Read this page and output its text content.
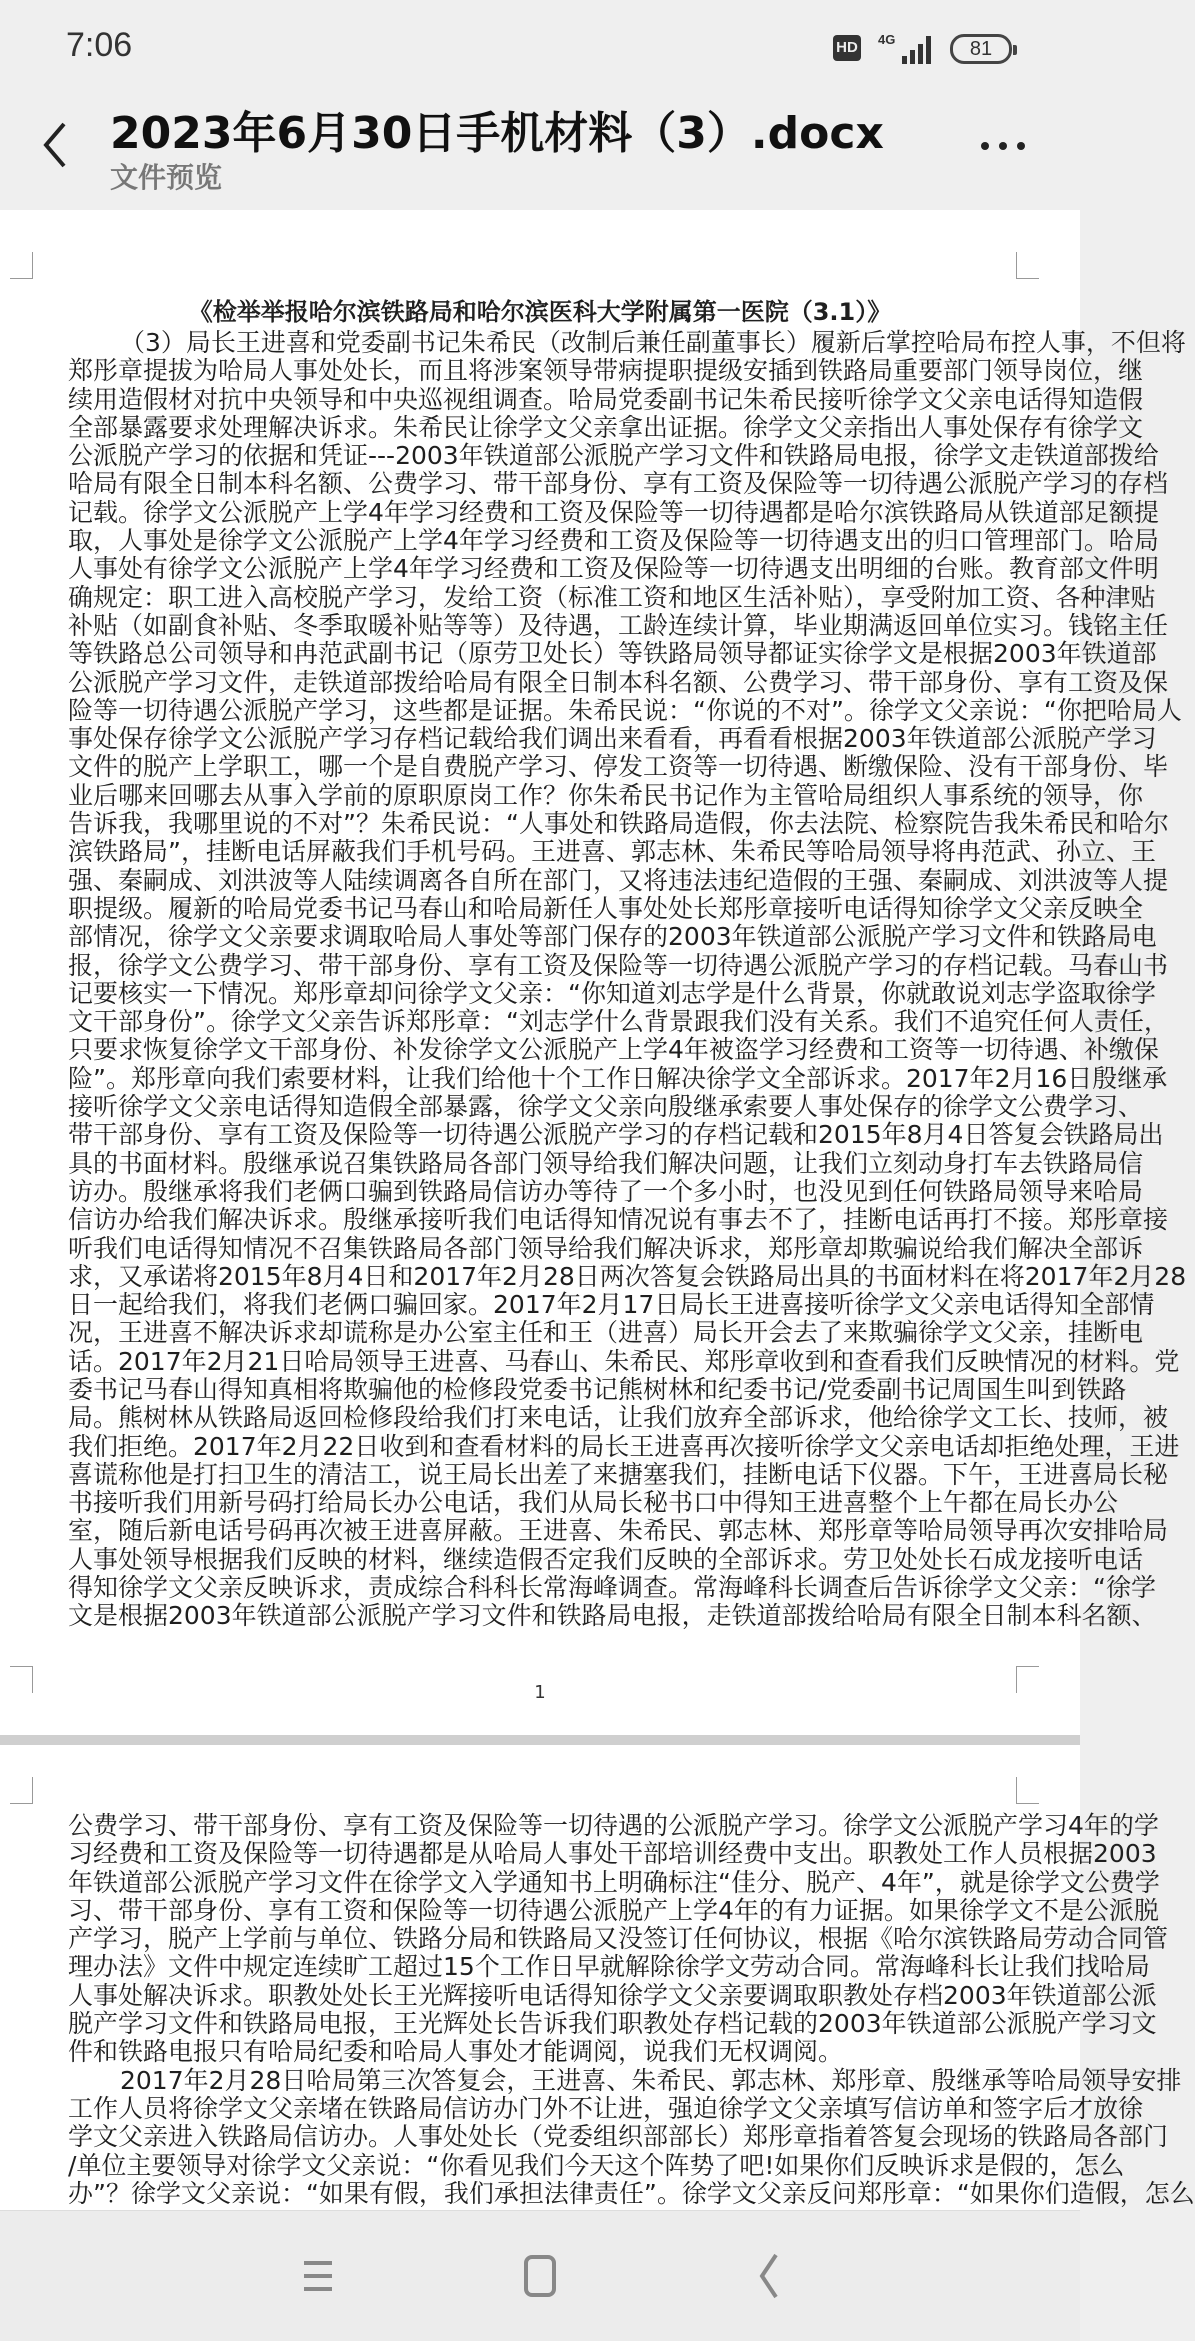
7:06	HD 4G	81
2023年6月30日手机材料（3）.docx
文件预览
《检举举报哈尔滨铁路局和哈尔滨医科大学附属第一医院（3.1）》
（3）局长王进喜和党委副书记朱希民（改制后兼任副董事长）履新后掌控哈局布控人事，不但将
郑彤章提拔为哈局人事处处长，而且将涉案领导带病提职提级安插到铁路局重要部门领导岗位，继
续用造假材对抗中央领导和中央巡视组调查。哈局党委副书记朱希民接听徐学文父亲电话得知造假
全部暴露要求处理解决诉求。朱希民让徐学文父亲拿出证据。徐学文父亲指出人事处保存有徐学文
公派脱产学习的依据和凭证---2003年铁道部公派脱产学习文件和铁路局电报，徐学文走铁道部拨给
哈局有限全日制本科名额、公费学习、带干部身份、享有工资及保险等一切待遇公派脱产学习的存档
记载。徐学文公派脱产上学4年学习经费和工资及保险等一切待遇都是哈尔滨铁路局从铁道部足额提
取，人事处是徐学文公派脱产上学4年学习经费和工资及保险等一切待遇支出的归口管理部门。哈局
人事处有徐学文公派脱产上学4年学习经费和工资及保险等一切待遇支出明细的台账。教育部文件明
确规定：职工进入高校脱产学习，发给工资（标准工资和地区生活补贴），享受附加工资、各种津贴
补贴（如副食补贴、冬季取暖补贴等等）及待遇，工龄连续计算，毕业期满返回单位实习。钱铭主任
等铁路总公司领导和冉范武副书记（原劳卫处长）等铁路局领导都证实徐学文是根据2003年铁道部
公派脱产学习文件，走铁道部拨给哈局有限全日制本科名额、公费学习、带干部身份、享有工资及保
险等一切待遇公派脱产学习，这些都是证据。朱希民说：“你说的不对”。徐学文父亲说：“你把哈局人
事处保存徐学文公派脱产学习存档记载给我们调出来看看，再看看根据2003年铁道部公派脱产学习
文件的脱产上学职工，哪一个是自费脱产学习、停发工资等一切待遇、断缴保险、没有干部身份、毕
业后哪来回哪去从事入学前的原职原岗工作？你朱希民书记作为主管哈局组织人事系统的领导，你
告诉我，我哪里说的不对”？朱希民说：“人事处和铁路局造假，你去法院、检察院告我朱希民和哈尔
滨铁路局”，挂断电话屏蔽我们手机号码。王进喜、郭志林、朱希民等哈局领导将冉范武、孙立、王
强、秦嗣成、刘洪波等人陆续调离各自所在部门，又将违法违纪造假的王强、秦嗣成、刘洪波等人提
职提级。履新的哈局党委书记马春山和哈局新任人事处处长郑彤章接听电话得知徐学文父亲反映全
部情况，徐学文父亲要求调取哈局人事处等部门保存的2003年铁道部公派脱产学习文件和铁路局电
报，徐学文公费学习、带干部身份、享有工资及保险等一切待遇公派脱产学习的存档记载。马春山书
记要核实一下情况。郑彤章却问徐学文父亲：“你知道刘志学是什么背景，你就敢说刘志学盗取徐学
文干部身份”。徐学文父亲告诉郑彤章：“刘志学什么背景跟我们没有关系。我们不追究任何人责任，
只要求恢复徐学文干部身份、补发徐学文公派脱产上学4年被盗学习经费和工资等一切待遇、补缴保
险”。郑彤章向我们索要材料，让我们给他十个工作日解决徐学文全部诉求。2017年2月16日殷继承
接听徐学文父亲电话得知造假全部暴露，徐学文父亲向殷继承索要人事处保存的徐学文公费学习、
带干部身份、享有工资及保险等一切待遇公派脱产学习的存档记载和2015年8月4日答复会铁路局出
具的书面材料。殷继承说召集铁路局各部门领导给我们解决问题，让我们立刻动身打车去铁路局信
访办。殷继承将我们老俩口骗到铁路局信访办等待了一个多小时，也没见到任何铁路局领导来哈局
信访办给我们解决诉求。殷继承接听我们电话得知情况说有事去不了，挂断电话再打不接。郑彤章接
听我们电话得知情况不召集铁路局各部门领导给我们解决诉求，郑彤章却欺骗说给我们解决全部诉
求，又承诺将2015年8月4日和2017年2月28日两次答复会铁路局出具的书面材料在将2017年2月28
日一起给我们，将我们老俩口骗回家。2017年2月17日局长王进喜接听徐学文父亲电话得知全部情
况，王进喜不解决诉求却谎称是办公室主任和王（进喜）局长开会去了来欺骗徐学文父亲，挂断电
话。2017年2月21日哈局领导王进喜、马春山、朱希民、郑彤章收到和查看我们反映情况的材料。党
委书记马春山得知真相将欺骗他的检修段党委书记熊树林和纪委书记/党委副书记周国生叫到铁路
局。熊树林从铁路局返回检修段给我们打来电话，让我们放弃全部诉求，他给徐学文工长、技师，被
我们拒绝。2017年2月22日收到和查看材料的局长王进喜再次接听徐学文父亲电话却拒绝处理，王进
喜谎称他是打扫卫生的清洁工，说王局长出差了来搪塞我们，挂断电话下仪器。下午，王进喜局长秘
书接听我们用新号码打给局长办公电话，我们从局长秘书口中得知王进喜整个上午都在局长办公
室，随后新电话号码再次被王进喜屏蔽。王进喜、朱希民、郭志林、郑彤章等哈局领导再次安排哈局
人事处领导根据我们反映的材料，继续造假否定我们反映的全部诉求。劳卫处处长石成龙接听电话
得知徐学文父亲反映诉求，责成综合科科长常海峰调查。常海峰科长调查后告诉徐学文父亲：“徐学
文是根据2003年铁道部公派脱产学习文件和铁路局电报，走铁道部拨给哈局有限全日制本科名额、
1
公费学习、带干部身份、享有工资及保险等一切待遇的公派脱产学习。徐学文公派脱产学习4年的学
习经费和工资及保险等一切待遇都是从哈局人事处干部培训经费中支出。职教处工作人员根据2003
年铁道部公派脱产学习文件在徐学文入学通知书上明确标注“佳分、脱产、4年”，就是徐学文公费学
习、带干部身份、享有工资和保险等一切待遇公派脱产上学4年的有力证据。如果徐学文不是公派脱
产学习，脱产上学前与单位、铁路分局和铁路局又没签订任何协议，根据《哈尔滨铁路局劳动合同管
理办法》文件中规定连续旷工超过15个工作日早就解除徐学文劳动合同。常海峰科长让我们找哈局
人事处解决诉求。职教处处长王光辉接听电话得知徐学文父亲要调取职教处存档2003年铁道部公派
脱产学习文件和铁路局电报，王光辉处长告诉我们职教处存档记载的2003年铁道部公派脱产学习文
件和铁路电报只有哈局纪委和哈局人事处才能调阅，说我们无权调阅。
2017年2月28日哈局第三次答复会，王进喜、朱希民、郭志林、郑彤章、殷继承等哈局领导安排
工作人员将徐学文父亲堵在铁路局信访办门外不让进，强迫徐学文父亲填写信访单和签字后才放徐
学文父亲进入铁路局信访办。人事处处长（党委组织部部长）郑彤章指着答复会现场的铁路局各部门
/单位主要领导对徐学文父亲说：“你看见我们今天这个阵势了吧!如果你们反映诉求是假的，怎么
办”？徐学文父亲说：“如果有假，我们承担法律责任”。徐学文父亲反问郑彤章：“如果你们造假，怎么
